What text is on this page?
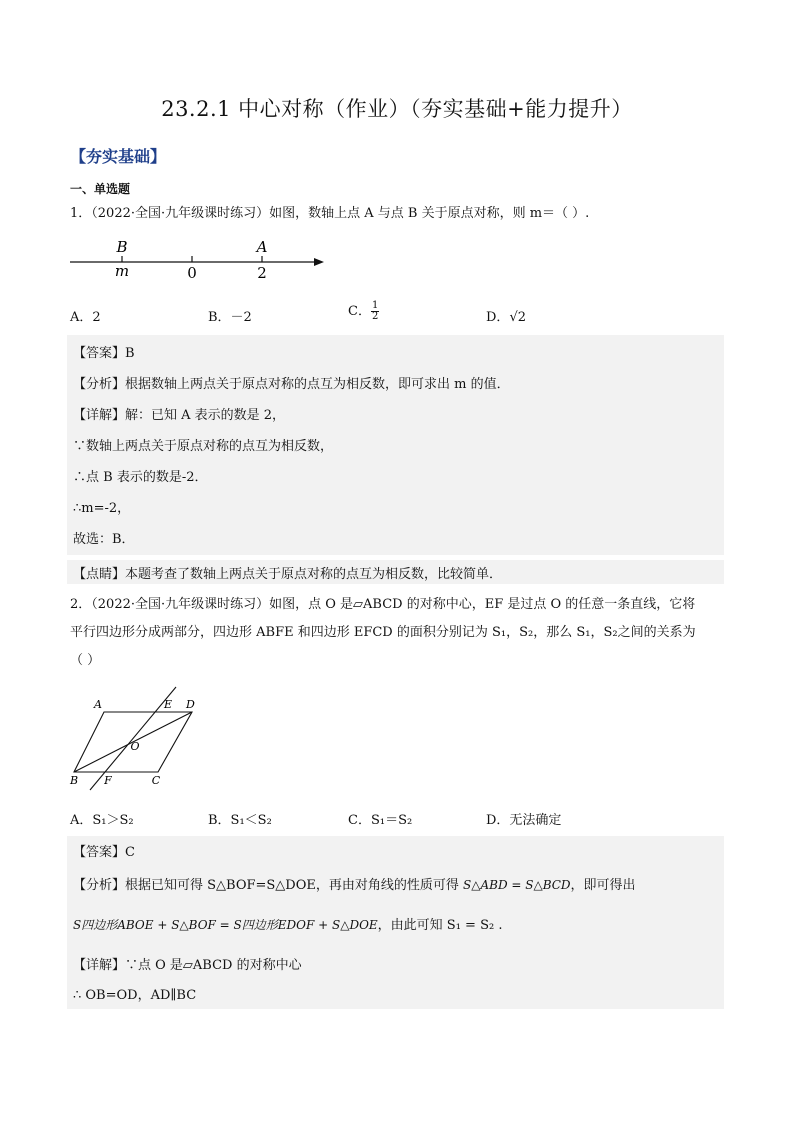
23.2.1 中心对称（作业）（夯实基础+能力提升）
【夯实基础】
一、单选题
1．（2022·全国·九年级课时练习）如图，数轴上点 A 与点 B 关于原点对称，则 m＝（ ）.
B	A
m	0	2
A．2	B．－2	C． $\frac{1}{2}$	D．√2
【答案】B
【分析】根据数轴上两点关于原点对称的点互为相反数，即可求出 m 的值．
【详解】解：已知 A 表示的数是 2，
∵数轴上两点关于原点对称的点互为相反数，
∴点 B 表示的数是-2．
∴m=-2，
故选：B．
【点睛】本题考查了数轴上两点关于原点对称的点互为相反数，比较简单．
2．（2022·全国·九年级课时练习）如图，点 O 是▱ABCD 的对称中心，EF 是过点 O 的任意一条直线，它将
平行四边形分成两部分，四边形 ABFE 和四边形 EFCD 的面积分别记为 S₁，S₂，那么 S₁，S₂之间的关系为
（ ）
A	E D
O
B F	C
A．S₁＞S₂	B．S₁＜S₂	C．S₁＝S₂	D．无法确定
【答案】C
【分析】根据已知可得 S△BOF=S△DOE，再由对角线的性质可得 S△ABD = S△BCD，即可得出
S四边形ABOE + S△BOF = S四边形EDOF + S△DOE，由此可知 S₁ = S₂ .
【详解】∵点 O 是▱ABCD 的对称中心
∴ OB=OD，AD∥BC
